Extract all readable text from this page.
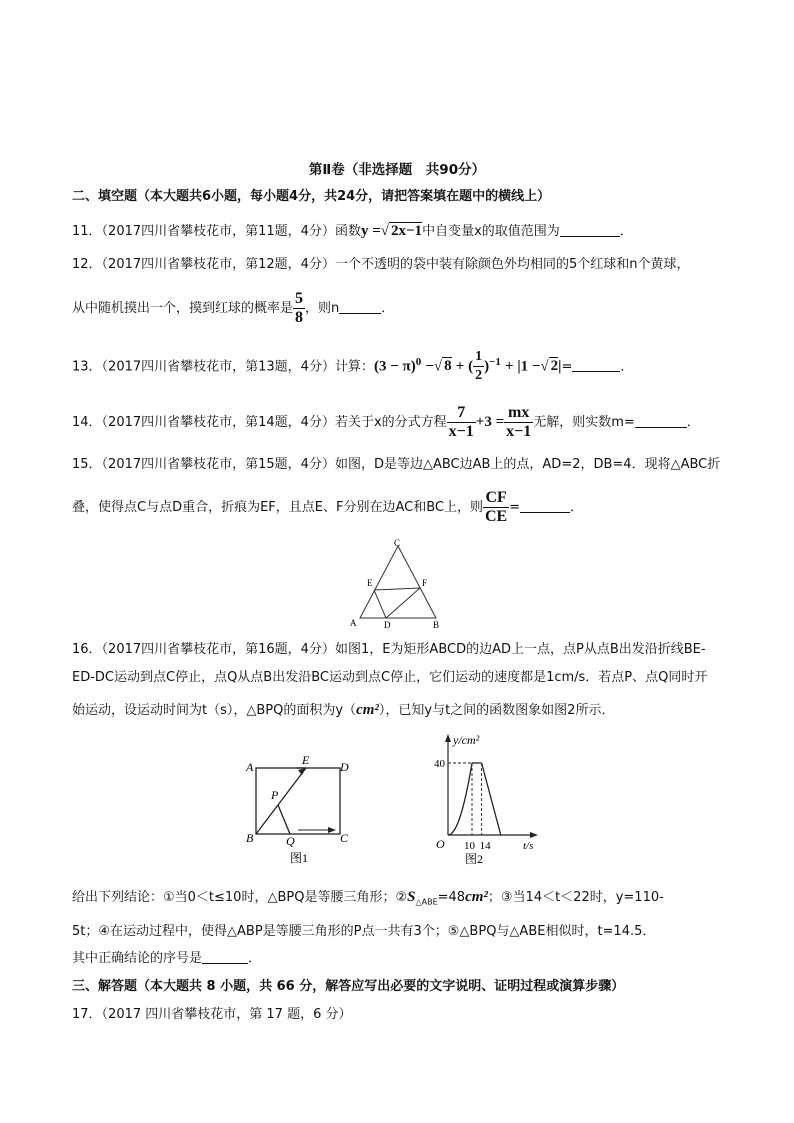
第Ⅱ卷（非选择题　共90分）
二、填空题（本大题共6小题，每小题4分，共24分，请把答案填在题中的横线上）
11．（2017四川省攀枝花市，第11题，4分）函数y =√ 2x−1中自变量x的取值范围为	．
12．（2017四川省攀枝花市，第12题，4分）一个不透明的袋中装有除颜色外均相同的5个红球和n个黄球，
从中随机摸出一个，摸到红球的概率是 $\frac{5}{8}$ ，则n	．
13．（2017四川省攀枝花市，第13题，4分）计算：$(3 - \pi)^0$ −√ 8 + ( $\frac{1}{2} )^{-1} + |1$ −√ 2|=	．
14．（2017四川省攀枝花市，第14题，4分）若关于x的分式方程 $\frac{7}{x-1} +3 = \frac{mx}{x-1}$ 无解，则实数m=	．
15．（2017四川省攀枝花市，第15题，4分）如图，D是等边△ABC边AB上的点，AD=2，DB=4．现将△ABC折
叠，使得点C与点D重合，折痕为EF，且点E、F分别在边AC和BC上，则 $\frac{CF}{CE}$ =	．
C
E	F
A	D	B
16．（2017四川省攀枝花市，第16题，4分）如图1，E为矩形ABCD的边AD上一点，点P从点B出发沿折线BE-
ED-DC运动到点C停止，点Q从点B出发沿BC运动到点C停止，它们运动的速度都是1cm/s．若点P、点Q同时开
始运动，设运动时间为t（s），△BPQ的面积为y（cm²），已知y与t之间的函数图象如图2所示．
A	E	D
P
B	Q	C
图1
40
10 14
y/cm²
t/s
O
图2
给出下列结论：①当0＜t≤10时，△BPQ是等腰三角形；$②S_{\triangle ABE}=48cm^2$；③当14＜t＜22时，y=110-
5t；④在运动过程中，使得△ABP是等腰三角形的P点一共有3个；⑤△BPQ与△ABE相似时，t=14.5．
其中正确结论的序号是	．
三、解答题（本大题共 8 小题，共 66 分，解答应写出必要的文字说明、证明过程或演算步骤）
17．（2017 四川省攀枝花市，第 17 题，6 分）
